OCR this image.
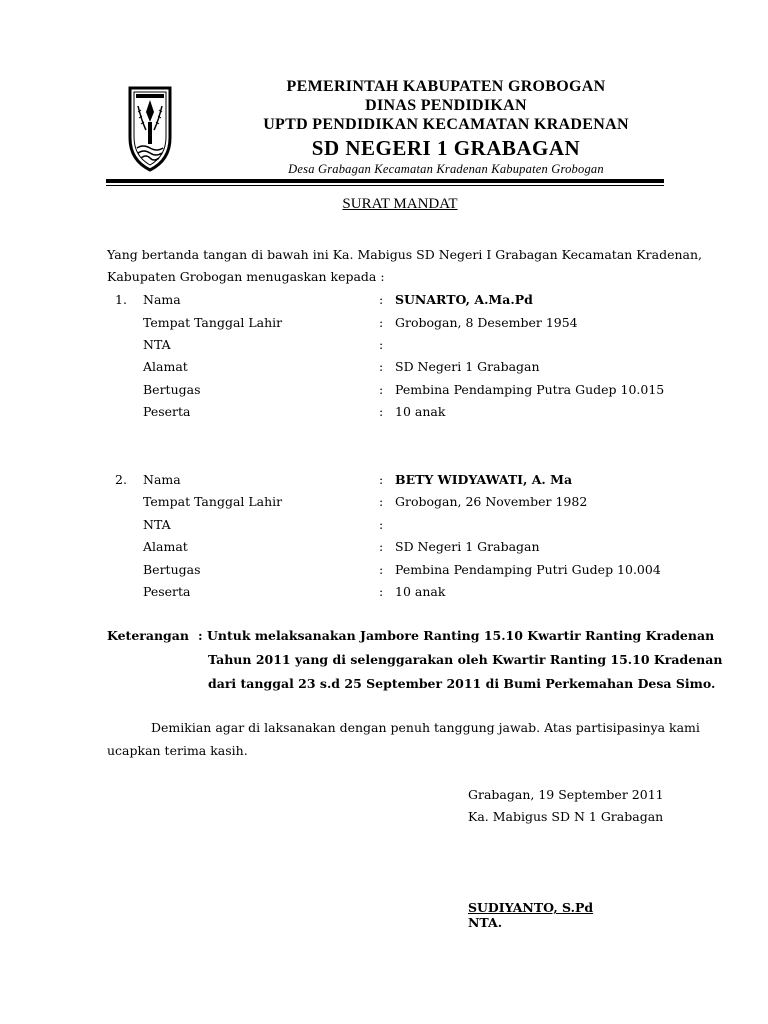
PEMERINTAH KABUPATEN GROBOGAN
DINAS PENDIDIKAN
UPTD PENDIDIKAN KECAMATAN KRADENAN
SD NEGERI 1 GRABAGAN
Desa Grabagan Kecamatan Kradenan Kabupaten Grobogan
SURAT MANDAT
Yang bertanda tangan di bawah ini Ka. Mabigus SD Negeri I Grabagan Kecamatan Kradenan,
Kabupaten Grobogan menugaskan kepada :
1. Nama	: SUNARTO, A.Ma.Pd
Tempat Tanggal Lahir	: Grobogan, 8 Desember 1954
NTA	:
Alamat	: SD Negeri 1 Grabagan
Bertugas	: Pembina Pendamping Putra Gudep 10.015
Peserta	: 10 anak
2. Nama	: BETY WIDYAWATI, A. Ma
Tempat Tanggal Lahir	: Grobogan, 26 November 1982
NTA	:
Alamat	: SD Negeri 1 Grabagan
Bertugas	: Pembina Pendamping Putri Gudep 10.004
Peserta	: 10 anak
Keterangan : Untuk melaksanakan Jambore Ranting 15.10 Kwartir Ranting Kradenan
Tahun 2011 yang di selenggarakan oleh Kwartir Ranting 15.10 Kradenan
dari tanggal 23 s.d 25 September 2011 di Bumi Perkemahan Desa Simo.
Demikian agar di laksanakan dengan penuh tanggung jawab. Atas partisipasinya kami
ucapkan terima kasih.
Grabagan, 19 September 2011
Ka. Mabigus SD N 1 Grabagan
SUDIYANTO, S.Pd
NTA.
